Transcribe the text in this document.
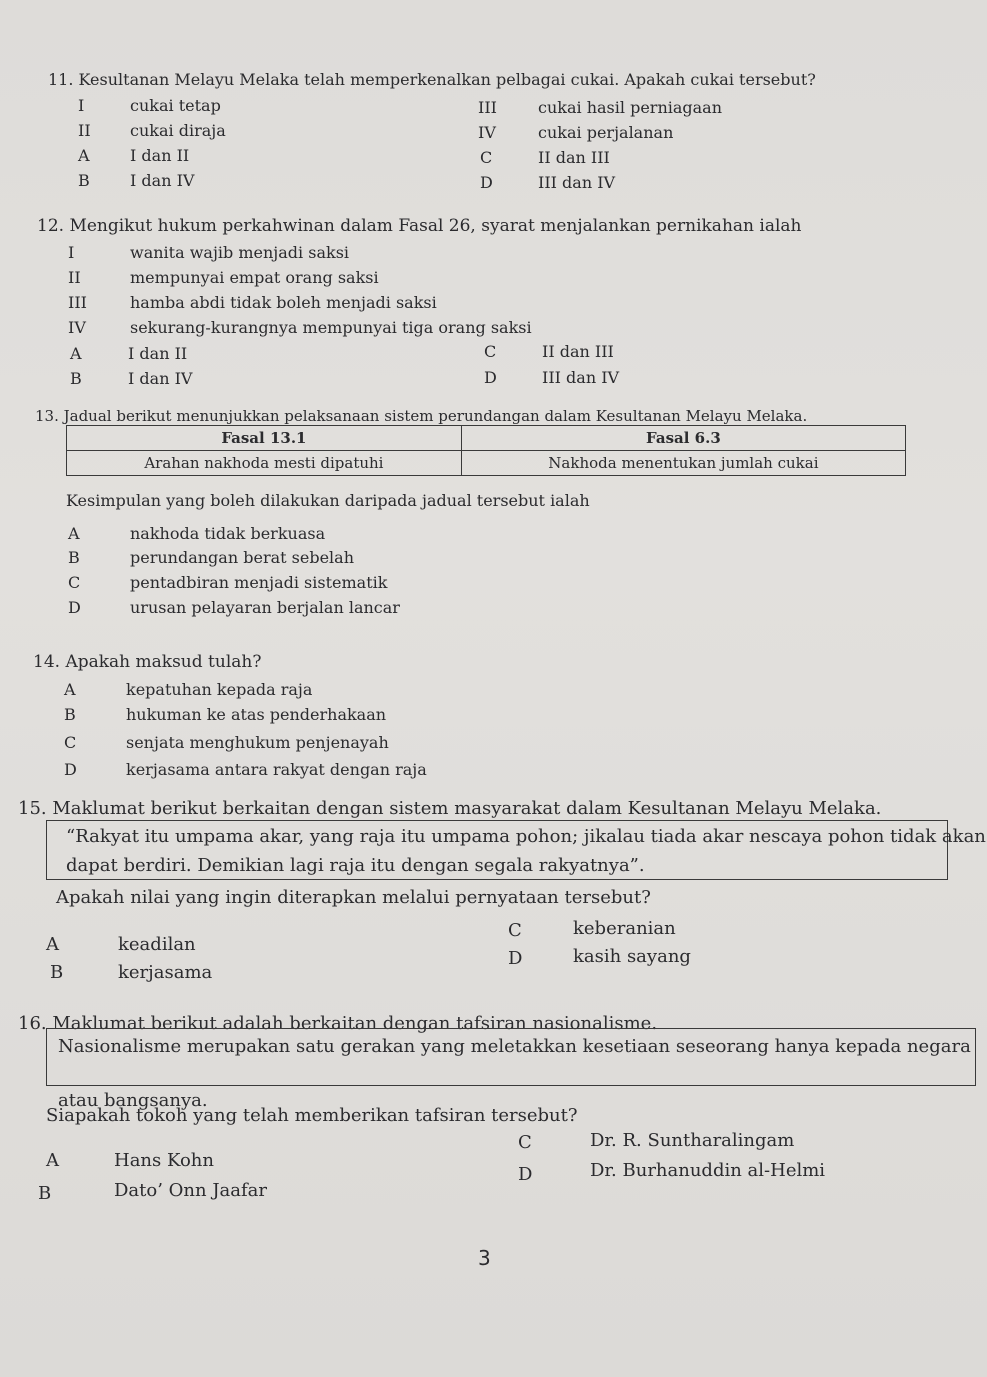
11. Kesultanan Melayu Melaka telah memperkenalkan pelbagai cukai. Apakah cukai tersebut?
I	cukai tetap
II cukai diraja
III	cukai hasil perniagaan
IV	cukai perjalanan
A	I dan II
B	I dan IV
C	II dan III
D	III dan IV
12. Mengikut hukum perkahwinan dalam Fasal 26, syarat menjalankan pernikahan ialah
I	wanita wajib menjadi saksi
II	mempunyai empat orang saksi
III	hamba abdi tidak boleh menjadi saksi
IV	sekurang-kurangnya mempunyai tiga orang saksi
A	I dan II
B	I dan IV
C	II dan III
D	III dan IV
13. Jadual berikut menunjukkan pelaksanaan sistem perundangan dalam Kesultanan Melayu Melaka.
Fasal 13.1	Fasal 6.3
Arahan nakhoda mesti dipatuhi	Nakhoda menentukan jumlah cukai
Kesimpulan yang boleh dilakukan daripada jadual tersebut ialah
A	nakhoda tidak berkuasa
B	perundangan berat sebelah
C	pentadbiran menjadi sistematik
D	urusan pelayaran berjalan lancar
14. Apakah maksud tulah?
A	kepatuhan kepada raja
B	hukuman ke atas penderhakaan
C	senjata menghukum penjenayah
D	kerjasama antara rakyat dengan raja
15. Maklumat berikut berkaitan dengan sistem masyarakat dalam Kesultanan Melayu Melaka.
“Rakyat itu umpama akar, yang raja itu umpama pohon; jikalau tiada akar nescaya pohon tidak akan
dapat berdiri. Demikian lagi raja itu dengan segala rakyatnya”.
Apakah nilai yang ingin diterapkan melalui pernyataan tersebut?
A	keadilan
B	kerjasama
C	keberanian
D	kasih sayang
16. Maklumat berikut adalah berkaitan dengan tafsiran nasionalisme.
Nasionalisme merupakan satu gerakan yang meletakkan kesetiaan seseorang hanya kepada negara
atau bangsanya.
Siapakah tokoh yang telah memberikan tafsiran tersebut?
A	Hans Kohn
B	Dato’ Onn Jaafar
C	Dr. R. Suntharalingam
D	Dr. Burhanuddin al-Helmi
3
